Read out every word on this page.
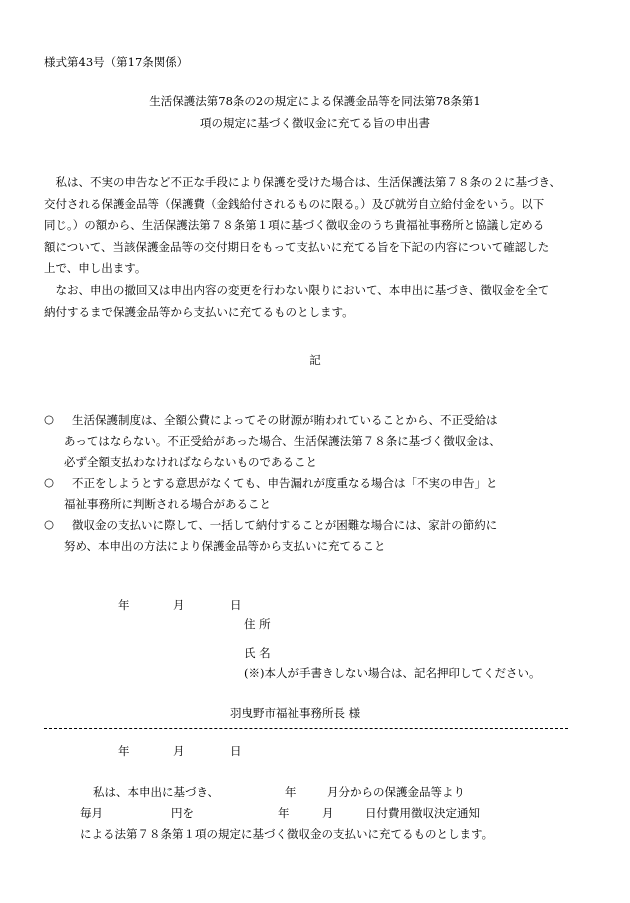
様式第43号（第17条関係）
生活保護法第78条の2の規定による保護金品等を同法第78条第1
項の規定に基づく徴収金に充てる旨の申出書
　私は、不実の申告など不正な手段により保護を受けた場合は、生活保護法第７８条の２に基づき、
交付される保護金品等（保護費（金銭給付されるものに限る。）及び就労自立給付金をいう。以下
同じ。）の額から、生活保護法第７８条第１項に基づく徴収金のうち貴福祉事務所と協議し定める
額について、当該保護金品等の交付期日をもって支払いに充てる旨を下記の内容について確認した
上で、申し出ます。
　なお、申出の撤回又は申出内容の変更を行わない限りにおいて、本申出に基づき、徴収金を全て
納付するまで保護金品等から支払いに充てるものとします。
記
○ 生活保護制度は、全額公費によってその財源が賄われていることから、不正受給は
あってはならない。不正受給があった場合、生活保護法第７８条に基づく徴収金は、
必ず全額支払わなければならないものであること
○ 不正をしようとする意思がなくても、申告漏れが度重なる場合は「不実の申告」と
福祉事務所に判断される場合があること
○ 徴収金の支払いに際して、一括して納付することが困難な場合には、家計の節約に
努め、本申出の方法により保護金品等から支払いに充てること
年	月	日
住 所
氏 名
(※)本人が手書きしない場合は、記名押印してください。
羽曳野市福祉事務所長 様
年	月	日
私は、本申出に基づき、	年	月分からの保護金品等より
毎月	円を	年	月	日付費用徴収決定通知
による法第７８条第１項の規定に基づく徴収金の支払いに充てるものとします。
